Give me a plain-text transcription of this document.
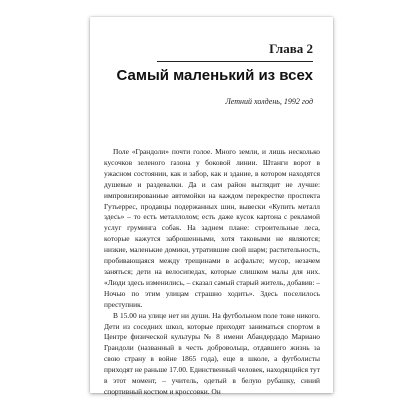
Глава 2
Самый маленький из всех

Летний холдень, 1992 год

Поле «Грандоли» почти голое. Много земли, и лишь несколько кусочков зеленого газона у боковой линии. Штанги ворот в ужасном состоянии, как и забор, как и здание, в котором находятся душевые и раздевалки. Да и сам район выглядит не лучше: импровизированные автомойки на каждом перекрестке проспекта Гутьеррес, продавцы подержанных шин, вывески «Купить металл здесь» – то есть металлолом; есть даже кусок картона с рекламой услуг груминга собак. На заднем плане: строительные леса, которые кажутся заброшенными, хотя таковыми не являются; низкие, маленькие домики, утратившие свой шарм; растительность, пробивающаяся между трещинами в асфальте; мусор, незачем заняться; дети на велосипедах, которые слишком малы для них. «Люди здесь изменились, – сказал самый старый житель, добавив: – Ночью по этим улицам страшно ходить». Здесь поселилось преступник.

В 15.00 на улице нет ни души. На футбольном поле тоже никого. Дети из соседних школ, которые приходят заниматься спортом в Центре физической культуры № 8 имени Абандердадо Мариано Грандоли (названный в честь добровольца, отдавшего жизнь за свою страну в войне 1865 года), еще в школе, а футболисты приходят не раньше 17.00. Единственный человек, находящийся тут в этот момент, – учитель, одетый в белую рубашку, синий спортивный костюм и кроссовки. Он
